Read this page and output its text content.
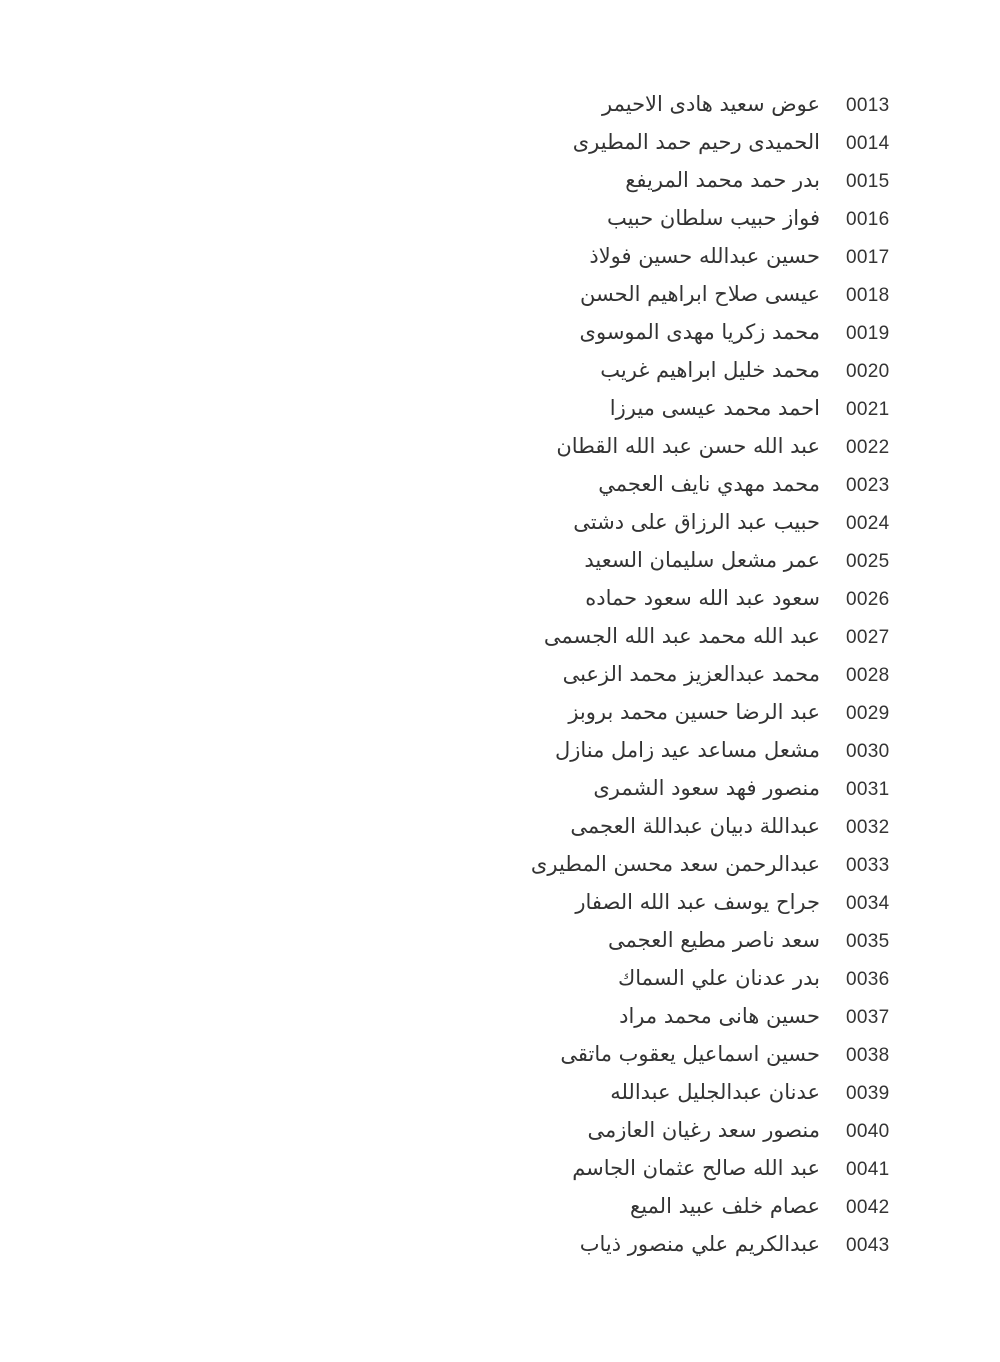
0013
عوض سعيد هادى الاحيمر
0014
الحميدى رحيم حمد المطيرى
0015
بدر حمد محمد المريفع
0016
فواز حبيب سلطان حبيب
0017
حسين عبدالله حسين فولاذ
0018
عيسى صلاح ابراهيم الحسن
0019
محمد زكريا مهدى الموسوى
0020
محمد خليل ابراهيم غريب
0021
احمد محمد عيسى ميرزا
0022
عبد الله حسن عبد الله القطان
0023
محمد مهدي نايف العجمي
0024
حبيب عبد الرزاق على دشتى
0025
عمر مشعل سليمان السعيد
0026
سعود عبد الله سعود حماده
0027
عبد الله محمد عبد الله الجسمى
0028
محمد عبدالعزيز محمد الزعبى
0029
عبد الرضا حسين محمد بروبز
0030
مشعل مساعد عيد زامل منازل
0031
منصور فهد سعود الشمرى
0032
عبداللة دبيان عبداللة العجمى
0033
عبدالرحمن سعد محسن المطيرى
0034
جراح يوسف عبد الله الصفار
0035
سعد ناصر مطيع العجمى
0036
بدر عدنان علي السماك
0037
حسين هانى محمد مراد
0038
حسين اسماعيل يعقوب ماتقى
0039
عدنان عبدالجليل عبدالله
0040
منصور سعد رغيان العازمى
0041
عبد الله صالح عثمان الجاسم
0042
عصام خلف عبيد الميع
0043
عبدالكريم علي منصور ذياب
